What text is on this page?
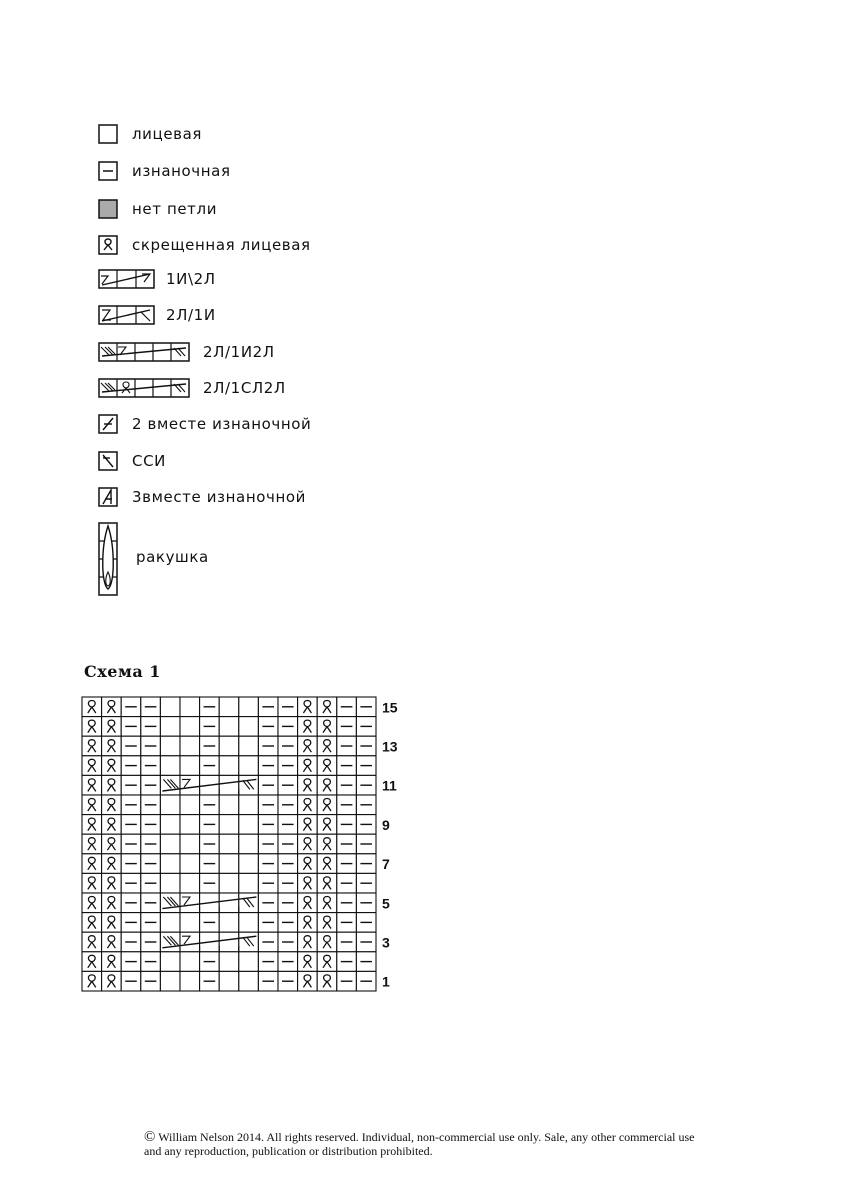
лицевая
изнаночная
нет петли
скрещенная лицевая
1И\2Л
2Л/1И
2Л/1И2Л
2Л/1СЛ2Л
2 вместе изнаночной
ССИ
3вместе изнаночной
ракушка
Схема 1
15
13
11
9
7
5
3
1
© William Nelson 2014. All rights reserved. Individual, non-commercial use only. Sale, any other commercial use and any reproduction, publication or distribution prohibited.
